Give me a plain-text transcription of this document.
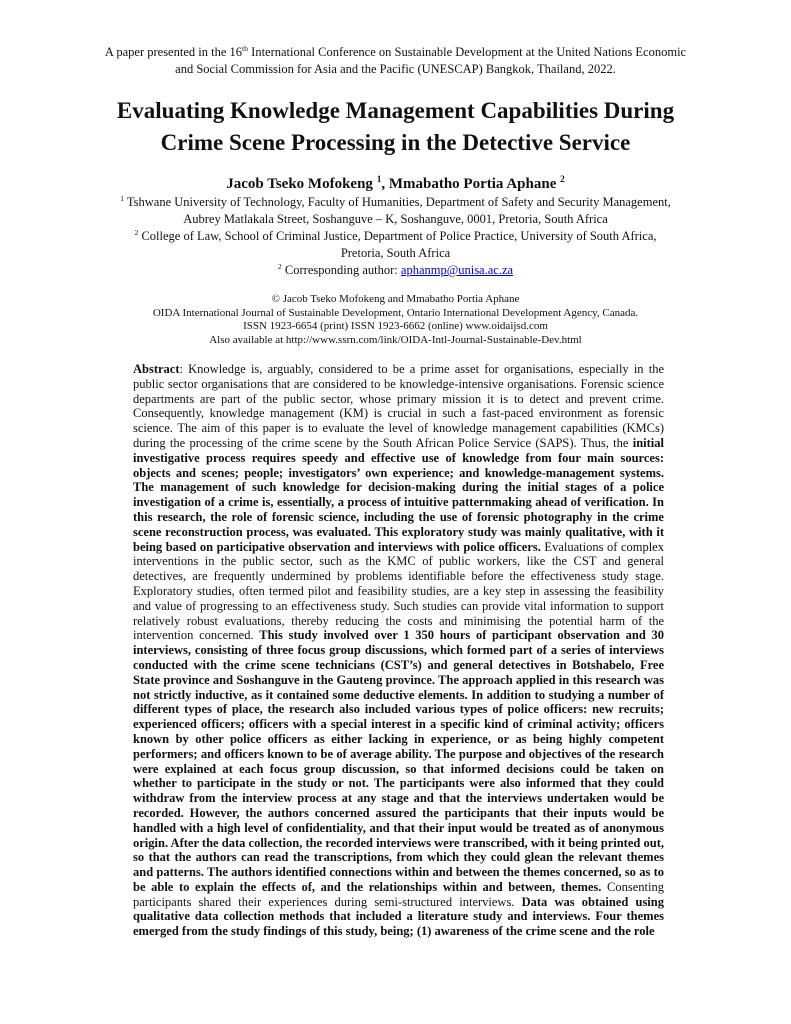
A paper presented in the 16th International Conference on Sustainable Development at the United Nations Economic
and Social Commission for Asia and the Pacific (UNESCAP) Bangkok, Thailand, 2022.
Evaluating Knowledge Management Capabilities During
Crime Scene Processing in the Detective Service
Jacob Tseko Mofokeng $^1$, Mmabatho Portia Aphane $^2$
$^1$ Tshwane University of Technology, Faculty of Humanities, Department of Safety and Security Management,
Aubrey Matlakala Street, Soshanguve – K, Soshanguve, 0001, Pretoria, South Africa
$^2$ College of Law, School of Criminal Justice, Department of Police Practice, University of South Africa,
Pretoria, South Africa
$^2$ Corresponding author: aphanmp@unisa.ac.za
© Jacob Tseko Mofokeng and Mmabatho Portia Aphane
OIDA International Journal of Sustainable Development, Ontario International Development Agency, Canada.
ISSN 1923-6654 (print) ISSN 1923-6662 (online) www.oidaijsd.com
Also available at http://www.ssrn.com/link/OIDA-Intl-Journal-Sustainable-Dev.html

Abstract: Knowledge is, arguably, considered to be a prime asset for organisations, especially in the public sector organisations that are considered to be knowledge-intensive organisations. Forensic science departments are part of the public sector, whose primary mission it is to detect and prevent crime. Consequently, knowledge management (KM) is crucial in such a fast-paced environment as forensic science. The aim of this paper is to evaluate the level of knowledge management capabilities (KMCs) during the processing of the crime scene by the South African Police Service (SAPS). Thus, the initial investigative process requires speedy and effective use of knowledge from four main sources: objects and scenes; people; investigators’ own experience; and knowledge-management systems. The management of such knowledge for decision-making during the initial stages of a police investigation of a crime is, essentially, a process of intuitive patternmaking ahead of verification. In this research, the role of forensic science, including the use of forensic photography in the crime scene reconstruction process, was evaluated. This exploratory study was mainly qualitative, with it being based on participative observation and interviews with police officers. Evaluations of complex interventions in the public sector, such as the KMC of public workers, like the CST and general detectives, are frequently undermined by problems identifiable before the effectiveness study stage. Exploratory studies, often termed pilot and feasibility studies, are a key step in assessing the feasibility and value of progressing to an effectiveness study. Such studies can provide vital information to support relatively robust evaluations, thereby reducing the costs and minimising the potential harm of the intervention concerned. This study involved over 1 350 hours of participant observation and 30 interviews, consisting of three focus group discussions, which formed part of a series of interviews conducted with the crime scene technicians (CST’s) and general detectives in Botshabelo, Free State province and Soshanguve in the Gauteng province. The approach applied in this research was not strictly inductive, as it contained some deductive elements. In addition to studying a number of different types of place, the research also included various types of police officers: new recruits; experienced officers; officers with a special interest in a specific kind of criminal activity; officers known by other police officers as either lacking in experience, or as being highly competent performers; and officers known to be of average ability. The purpose and objectives of the research were explained at each focus group discussion, so that informed decisions could be taken on whether to participate in the study or not. The participants were also informed that they could withdraw from the interview process at any stage and that the interviews undertaken would be recorded. However, the authors concerned assured the participants that their inputs would be handled with a high level of confidentiality, and that their input would be treated as of anonymous origin. After the data collection, the recorded interviews were transcribed, with it being printed out, so that the authors can read the transcriptions, from which they could glean the relevant themes and patterns. The authors identified connections within and between the themes concerned, so as to be able to explain the effects of, and the relationships within and between, themes. Consenting participants shared their experiences during semi-structured interviews. Data was obtained using qualitative data collection methods that included a literature study and interviews. Four themes emerged from the study findings of this study, being; (1) awareness of the crime scene and the role
